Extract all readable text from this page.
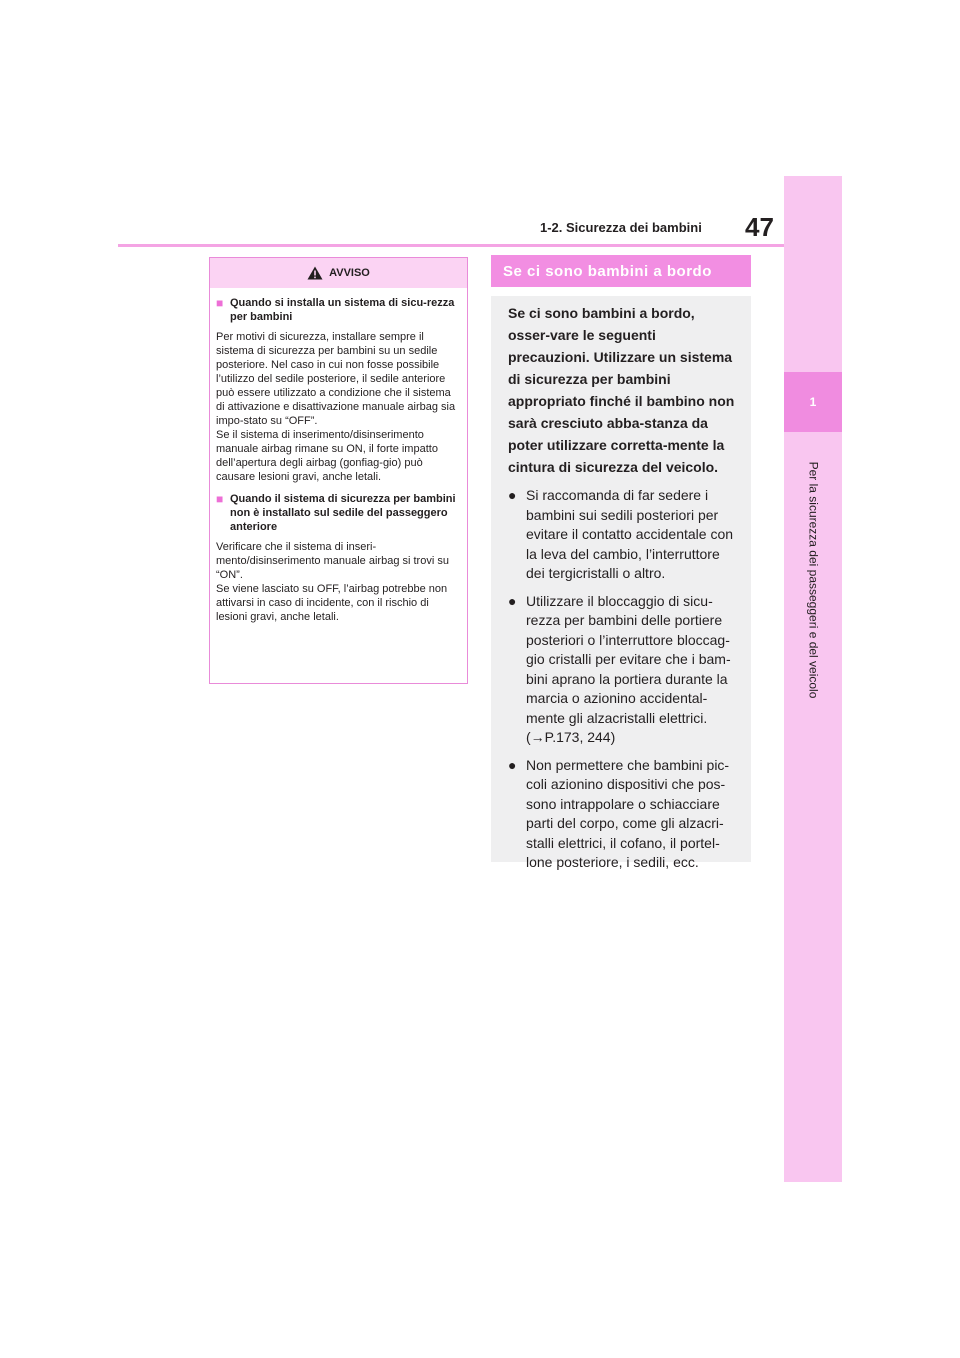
47
1-2. Sicurezza dei bambini
1
Per la sicurezza dei passeggeri e del veicolo
AVVISO
■ Quando si installa un sistema di sicu-rezza per bambini
Per motivi di sicurezza, installare sempre il sistema di sicurezza per bambini su un sedile posteriore. Nel caso in cui non fosse possibile l’utilizzo del sedile posteriore, il sedile anteriore può essere utilizzato a condizione che il sistema di attivazione e disattivazione manuale airbag sia impo-stato su “OFF”.
Se il sistema di inserimento/disinserimento manuale airbag rimane su ON, il forte impatto dell’apertura degli airbag (gonfiag-gio) può causare lesioni gravi, anche letali.
■ Quando il sistema di sicurezza per bambini non è installato sul sedile del passeggero anteriore
Verificare che il sistema di inseri-mento/disinserimento manuale airbag si trovi su “ON”.
Se viene lasciato su OFF, l’airbag potrebbe non attivarsi in caso di incidente, con il rischio di lesioni gravi, anche letali.
Se ci sono bambini a bordo

Se ci sono bambini a bordo, osser-vare le seguenti precauzioni. Utilizzare un sistema di sicurezza per bambini appropriato finché il bambino non sarà cresciuto abba-stanza da poter utilizzare corretta-mente la cintura di sicurezza del veicolo.

● Si raccomanda di far sedere i bambini sui sedili posteriori per evitare il contatto accidentale con la leva del cambio, l’interruttore dei tergicristalli o altro.
● Utilizzare il bloccaggio di sicu-rezza per bambini delle portiere posteriori o l’interruttore bloccag-gio cristalli per evitare che i bam-bini aprano la portiera durante la marcia o azionino accidental-mente gli alzacristalli elettrici. (→P.173, 244)
● Non permettere che bambini pic-coli azionino dispositivi che pos-sono intrappolare o schiacciare parti del corpo, come gli alzacri-stalli elettrici, il cofano, il portel-lone posteriore, i sedili, ecc.
